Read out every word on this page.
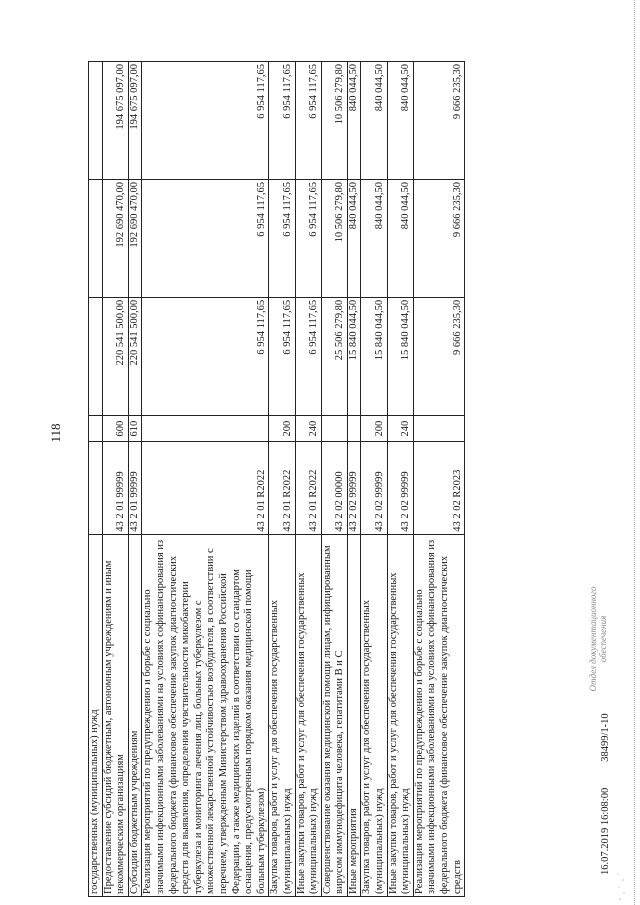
118
государственных (муниципальных) нужд					
Предоставление субсидий бюджетным, автономным учреждениям и иным некоммерческим организациям	43 2 01 99999	600	220 541 500,00	192 690 470,00	194 675 097,00
Субсидии бюджетным учреждениям	43 2 01 99999	610	220 541 500,00	192 690 470,00	194 675 097,00
Реализация мероприятий по предупреждению и борьбе с социально значимыми инфекционными заболеваниями на условиях софинансирования из федерального бюджета (финансовое обеспечение закупок диагностических средств для выявления, определения чувствительности микобактерии туберкулеза и мониторинга лечения лиц, больных туберкулезом с множественной лекарственной устойчивостью возбудителя, в соответствии с перечнем, утвержденным Министерством здравоохранения Российской Федерации, а также медицинских изделий в соответствии со стандартом оснащения, предусмотренным порядком оказания медицинской помощи больным туберкулезом)	43 2 01 R2022		6 954 117,65	6 954 117,65	6 954 117,65
Закупка товаров, работ и услуг для обеспечения государственных (муниципальных) нужд	43 2 01 R2022	200	6 954 117,65	6 954 117,65	6 954 117,65
Иные закупки товаров, работ и услуг для обеспечения государственных (муниципальных) нужд	43 2 01 R2022	240	6 954 117,65	6 954 117,65	6 954 117,65
Совершенствование оказания медицинской помощи лицам, инфицированным вирусом иммунодефицита человека, гепатитами В и С	43 2 02 00000		25 506 279,80	10 506 279,80	10 506 279,80
Иные мероприятия	43 2 02 99999		15 840 044,50	840 044,50	840 044,50
Закупка товаров, работ и услуг для обеспечения государственных (муниципальных) нужд	43 2 02 99999	200	15 840 044,50	840 044,50	840 044,50
Иные закупки товаров, работ и услуг для обеспечения государственных (муниципальных) нужд	43 2 02 99999	240	15 840 044,50	840 044,50	840 044,50
Реализация мероприятий по предупреждению и борьбе с социально значимыми инфекционными заболеваниями на условиях софинансирования из федерального бюджета (финансовое обеспечение закупок диагностических средств	43 2 02 R2023		9 666 235,30	9 666 235,30	9 666 235,30
Отдел документационного обеспечения
16.07.2019 16:08:0038499/1-10
